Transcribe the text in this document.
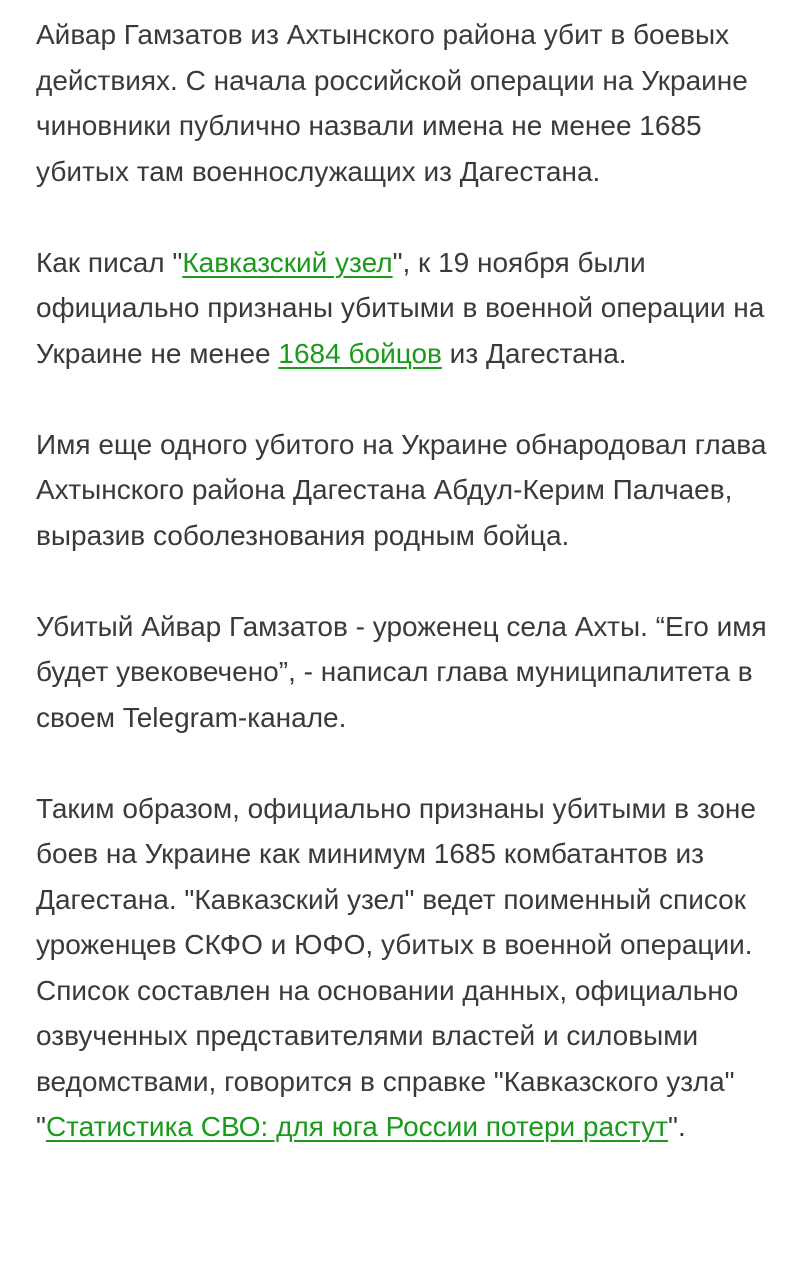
Айвар Гамзатов из Ахтынского района убит в боевых действиях. С начала российской операции на Украине чиновники публично назвали имена не менее 1685 убитых там военнослужащих из Дагестана.

Как писал "Кавказский узел", к 19 ноября были официально признаны убитыми в военной операции на Украине не менее 1684 бойцов из Дагестана.

Имя еще одного убитого на Украине обнародовал глава Ахтынского района Дагестана Абдул-Керим Палчаев, выразив соболезнования родным бойца.

Убитый Айвар Гамзатов - уроженец села Ахты. “Его имя будет увековечено”, - написал глава муниципалитета в своем Telegram-канале.

Таким образом, официально признаны убитыми в зоне боев на Украине как минимум 1685 комбатантов из Дагестана. "Кавказский узел" ведет поименный список уроженцев СКФО и ЮФО, убитых в военной операции. Список составлен на основании данных, официально озвученных представителями властей и силовыми ведомствами, говорится в справке "Кавказского узла" "Статистика СВО: для юга России потери растут".
